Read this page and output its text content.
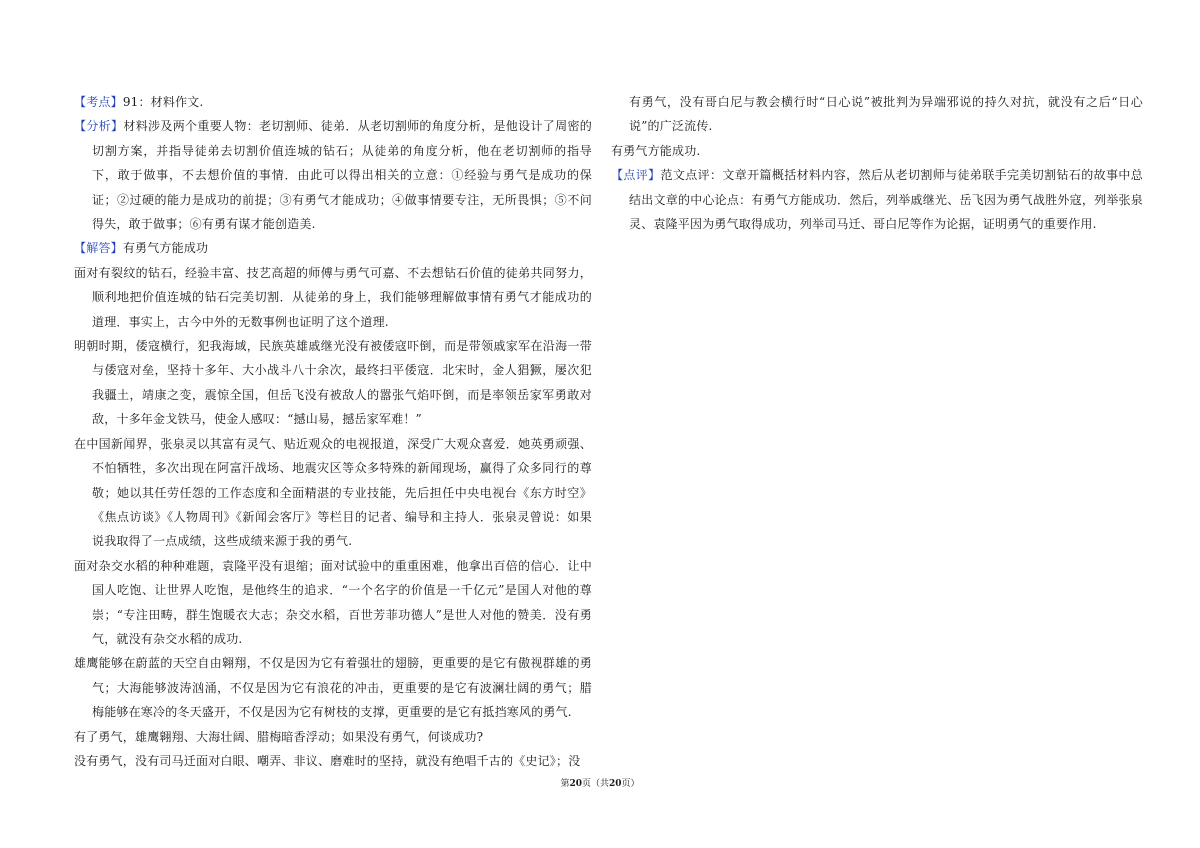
【考点】91：材料作文.

【分析】材料涉及两个重要人物：老切割师、徒弟．从老切割师的角度分析，是他设计了周密的切割方案，并指导徒弟去切割价值连城的钻石；从徒弟的角度分析，他在老切割师的指导下，敢于做事，不去想价值的事情．由此可以得出相关的立意：①经验与勇气是成功的保证；②过硬的能力是成功的前提；③有勇气才能成功；④做事情要专注，无所畏惧；⑤不问得失，敢于做事；⑥有勇有谋才能创造美.

【解答】有勇气方能成功

面对有裂纹的钻石，经验丰富、技艺高超的师傅与勇气可嘉、不去想钻石价值的徒弟共同努力，顺利地把价值连城的钻石完美切割．从徒弟的身上，我们能够理解做事情有勇气才能成功的道理．事实上，古今中外的无数事例也证明了这个道理.

明朝时期，倭寇横行，犯我海域，民族英雄戚继光没有被倭寇吓倒，而是带领戚家军在沿海一带与倭寇对垒，坚持十多年、大小战斗八十余次，最终扫平倭寇．北宋时，金人猖獗，屡次犯我疆土，靖康之变，震惊全国，但岳飞没有被敌人的嚣张气焰吓倒，而是率领岳家军勇敢对敌，十多年金戈铁马，使金人感叹：“撼山易，撼岳家军难！”

在中国新闻界，张泉灵以其富有灵气、贴近观众的电视报道，深受广大观众喜爱．她英勇顽强、不怕牺牲，多次出现在阿富汗战场、地震灾区等众多特殊的新闻现场，赢得了众多同行的尊敬；她以其任劳任怨的工作态度和全面精湛的专业技能，先后担任中央电视台《东方时空》《焦点访谈》《人物周刊》《新闻会客厅》等栏目的记者、编导和主持人．张泉灵曾说：如果说我取得了一点成绩，这些成绩来源于我的勇气.

面对杂交水稻的种种难题，袁隆平没有退缩；面对试验中的重重困难，他拿出百倍的信心．让中国人吃饱、让世界人吃饱，是他终生的追求．“一个名字的价值是一千亿元”是国人对他的尊崇；“专注田畴，群生饱暖衣大志；杂交水稻，百世芳菲功德人”是世人对他的赞美．没有勇气，就没有杂交水稻的成功.

雄鹰能够在蔚蓝的天空自由翱翔，不仅是因为它有着强壮的翅膀，更重要的是它有傲视群雄的勇气；大海能够波涛汹涌，不仅是因为它有浪花的冲击，更重要的是它有波澜壮阔的勇气；腊梅能够在寒冷的冬天盛开，不仅是因为它有树枝的支撑，更重要的是它有抵挡寒风的勇气.

有了勇气，雄鹰翱翔、大海壮阔、腊梅暗香浮动；如果没有勇气，何谈成功?

没有勇气，没有司马迁面对白眼、嘲弄、非议、磨难时的坚持，就没有绝唱千古的《史记》；没

有勇气，没有哥白尼与教会横行时“日心说”被批判为异端邪说的持久对抗，就没有之后“日心说”的广泛流传.

有勇气方能成功.

【点评】范文点评：文章开篇概括材料内容，然后从老切割师与徒弟联手完美切割钻石的故事中总结出文章的中心论点：有勇气方能成功．然后，列举戚继光、岳飞因为勇气战胜外寇，列举张泉灵、袁隆平因为勇气取得成功，列举司马迁、哥白尼等作为论据，证明勇气的重要作用.

第20页（共20页）
